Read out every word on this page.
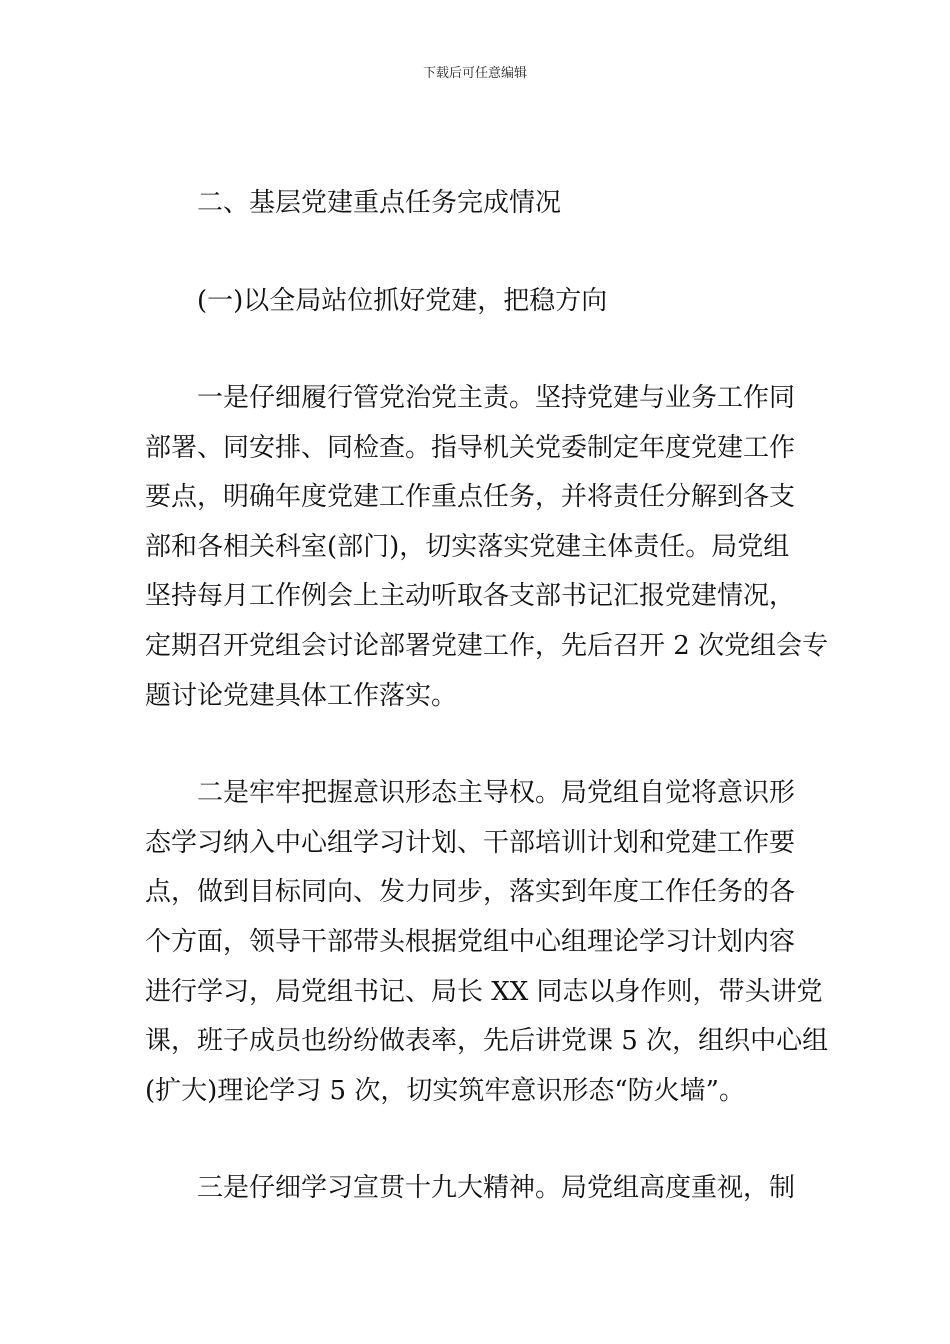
下载后可任意编辑
二、基层党建重点任务完成情况
(一)以全局站位抓好党建，把稳方向
一是仔细履行管党治党主责。坚持党建与业务工作同
部署、同安排、同检查。指导机关党委制定年度党建工作
要点，明确年度党建工作重点任务，并将责任分解到各支
部和各相关科室(部门)，切实落实党建主体责任。局党组
坚持每月工作例会上主动听取各支部书记汇报党建情况，
定期召开党组会讨论部署党建工作，先后召开 2 次党组会专
题讨论党建具体工作落实。
二是牢牢把握意识形态主导权。局党组自觉将意识形
态学习纳入中心组学习计划、干部培训计划和党建工作要
点，做到目标同向、发力同步，落实到年度工作任务的各
个方面，领导干部带头根据党组中心组理论学习计划内容
进行学习，局党组书记、局长 XX 同志以身作则，带头讲党
课，班子成员也纷纷做表率，先后讲党课 5 次，组织中心组
(扩大)理论学习 5 次，切实筑牢意识形态“防火墙”。
三是仔细学习宣贯十九大精神。局党组高度重视，制
